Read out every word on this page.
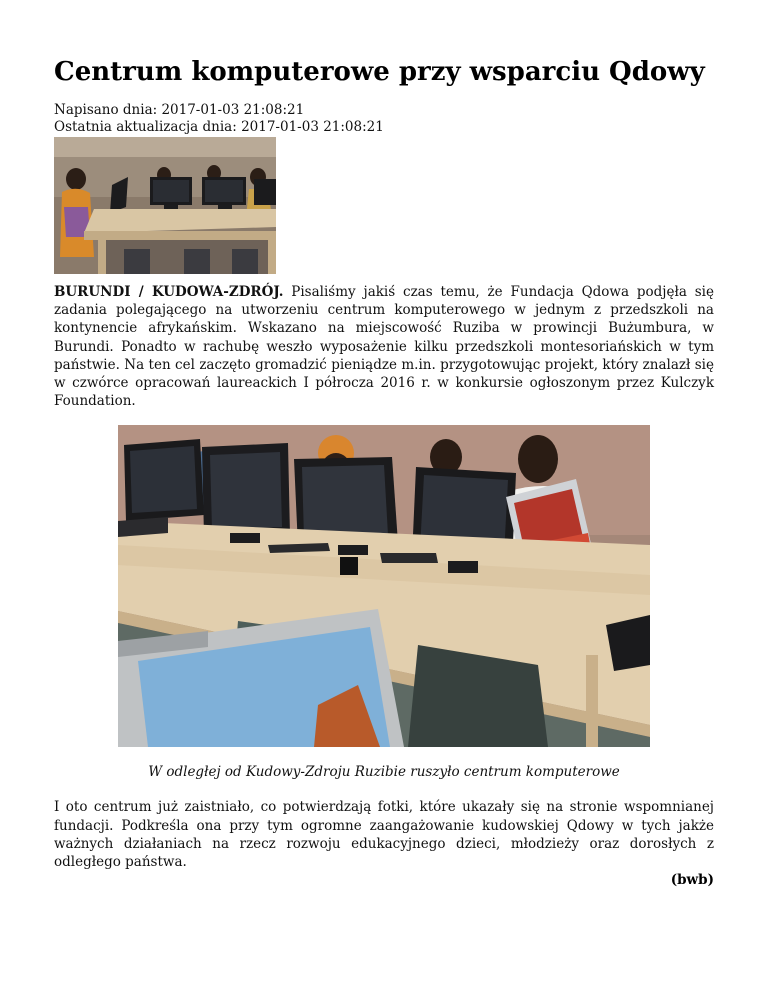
Centrum komputerowe przy wsparciu Qdowy
Napisano dnia: 2017-01-03 21:08:21
Ostatnia aktualizacja dnia: 2017-01-03 21:08:21

BURUNDI / KUDOWA-ZDRÓJ. Pisaliśmy jakiś czas temu, że Fundacja Qdowa podjęła się zadania polegającego na utworzeniu centrum komputerowego w jednym z przedszkoli na kontynencie afrykańskim. Wskazano na miejscowość Ruziba w prowincji Bużumbura, w Burundi. Ponadto w rachubę weszło wyposażenie kilku przedszkoli montesoriańskich w tym państwie. Na ten cel zaczęto gromadzić pieniądze m.in. przygotowując projekt, który znalazł się w czwórce opracowań laureackich I półrocza 2016 r. w konkursie ogłoszonym przez Kulczyk Foundation.

W odległej od Kudowy-Zdroju Ruzibie ruszyło centrum komputerowe

I oto centrum już zaistniało, co potwierdzają fotki, które ukazały się na stronie wspomnianej fundacji. Podkreśla ona przy tym ogromne zaangażowanie kudowskiej Qdowy w tych jakże ważnych działaniach na rzecz rozwoju edukacyjnego dzieci, młodzieży oraz dorosłych z odległego państwa.

(bwb)
